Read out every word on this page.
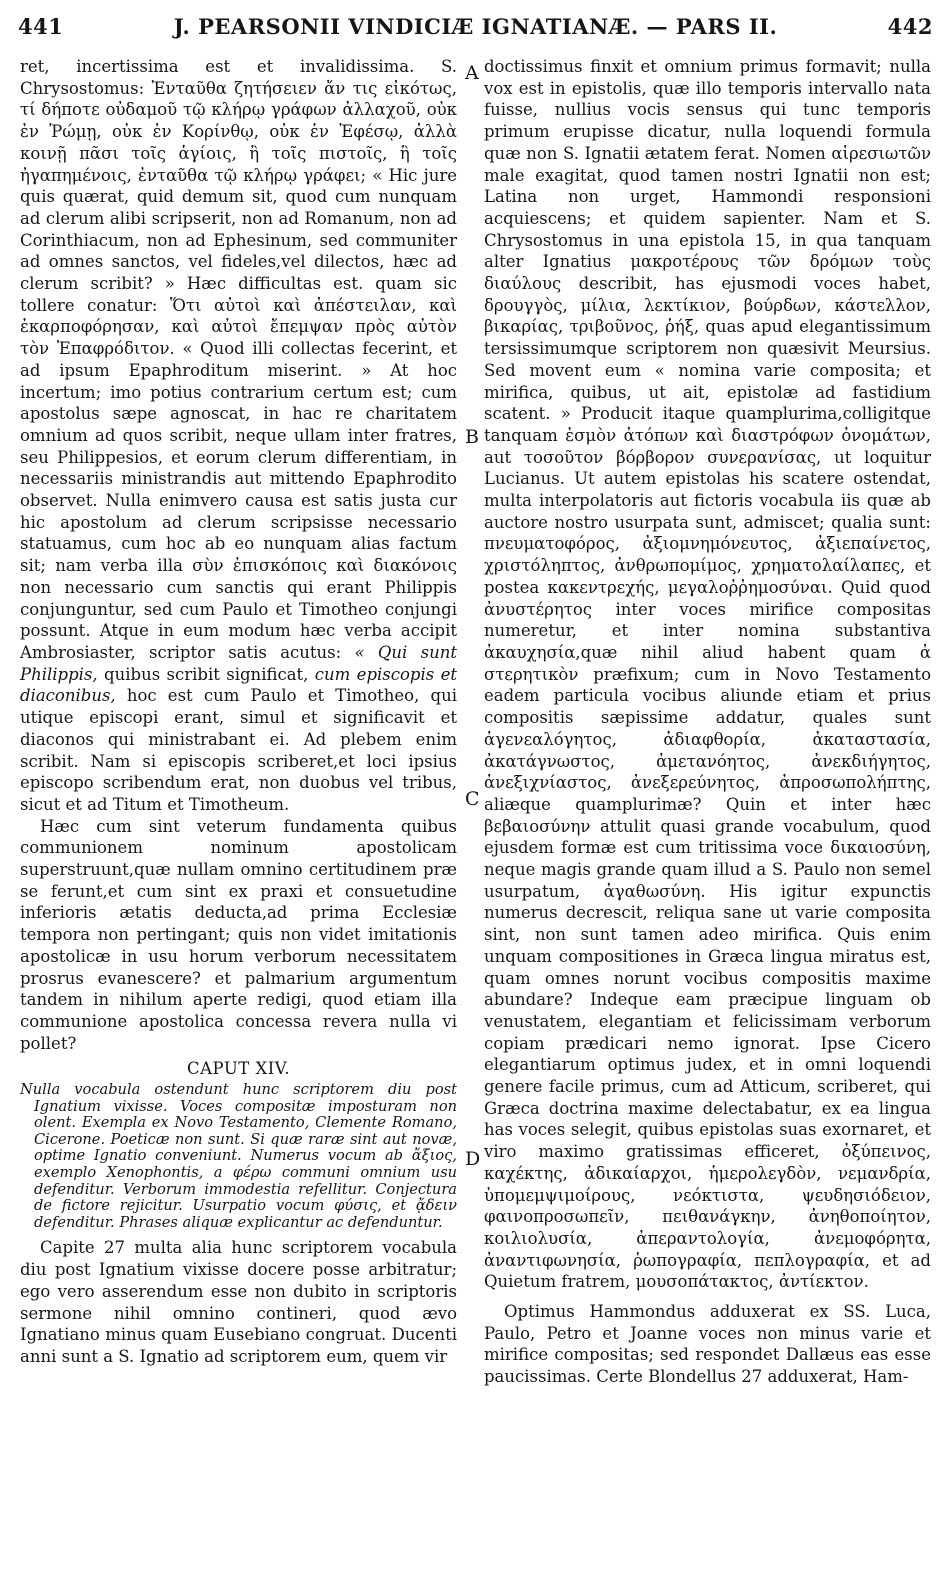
441	J. PEARSONII VINDICIÆ IGNATIANÆ. — PARS II.	442

ret, incertissima est et invalidissima. S. Chrysostomus: Ἐνταῦθα ζητήσειεν ἄν τις εἰκότως, τί δήποτε οὐδαμοῦ τῷ κλήρῳ γράφων ἀλλαχοῦ, οὐκ ἐν Ῥώμῃ, οὐκ ἐν Κορίνθῳ, οὐκ ἐν Ἐφέσῳ, ἀλλὰ κοινῇ πᾶσι τοῖς ἁγίοις, ἢ τοῖς πιστοῖς, ἢ τοῖς ἠγαπημένοις, ἐνταῦθα τῷ κλήρῳ γράφει; « Hic jure quis quærat, quid demum sit, quod cum nunquam ad clerum alibi scripserit, non ad Romanum, non ad Corinthiacum, non ad Ephesinum, sed communiter ad omnes sanctos, vel fideles,vel dilectos, hæc ad clerum scribit? » Hæc difficultas est. quam sic tollere conatur: Ὅτι αὐτοὶ καὶ ἀπέστειλαν, καὶ ἐκαρποφόρησαν, καὶ αὐτοὶ ἔπεμψαν πρὸς αὐτὸν τὸν Ἐπαφρόδιτον. « Quod illi collectas fecerint, et ad ipsum Epaphroditum miserint. » At hoc incertum; imo potius contrarium certum est; cum apostolus sæpe agnoscat, in hac re charitatem omnium ad quos scribit, neque ullam inter fratres, seu Philippesios, et eorum clerum differentiam, in necessariis ministrandis aut mittendo Epaphrodito observet. Nulla enimvero causa est satis justa cur hic apostolum ad clerum scripsisse necessario statuamus, cum hoc ab eo nunquam alias factum sit; nam verba illa σὺν ἐπισκόποις καὶ διακόνοις non necessario cum sanctis qui erant Philippis conjunguntur, sed cum Paulo et Timotheo conjungi possunt. Atque in eum modum hæc verba accipit Ambrosiaster, scriptor satis acutus: « Qui sunt Philippis, quibus scribit significat, cum episcopis et diaconibus, hoc est cum Paulo et Timotheo, qui utique episcopi erant, simul et significavit et diaconos qui ministrabant ei. Ad plebem enim scribit. Nam si episcopis scriberet,et loci ipsius episcopo scribendum erat, non duobus vel tribus, sicut et ad Titum et Timotheum.

Hæc cum sint veterum fundamenta quibus communionem nominum apostolicam superstruunt,quæ nullam omnino certitudinem præ se ferunt,et cum sint ex praxi et consuetudine inferioris ætatis deducta,ad prima Ecclesiæ tempora non pertingant; quis non videt imitationis apostolicæ in usu horum verborum necessitatem prosrus evanescere? et palmarium argumentum tandem in nihilum aperte redigi, quod etiam illa communione apostolica concessa revera nulla vi pollet?

CAPUT XIV.

Nulla vocabula ostendunt hunc scriptorem diu post Ignatium vixisse. Voces compositæ imposturam non olent. Exempla ex Novo Testamento, Clemente Romano, Cicerone. Poeticæ non sunt. Si quæ raræ sint aut novæ, optime Ignatio conveniunt. Numerus vocum ab ἄξιος, exemplo Xenophontis, a φέρω communi omnium usu defenditur. Verborum immodestia refellitur. Conjectura de fictore rejicitur. Usurpatio vocum φύσις, et ᾄδειν defenditur. Phrases aliquæ explicantur ac defenduntur.

Capite 27 multa alia hunc scriptorem vocabula diu post Ignatium vixisse docere posse arbitratur; ego vero asserendum esse non dubito in scriptoris sermone nihil omnino contineri, quod ævo Ignatiano minus quam Eusebiano congruat. Ducenti anni sunt a S. Ignatio ad scriptorem eum, quem vir

doctissimus finxit et omnium primus formavit; nulla vox est in epistolis, quæ illo temporis intervallo nata fuisse, nullius vocis sensus qui tunc temporis primum erupisse dicatur, nulla loquendi formula quæ non S. Ignatii ætatem ferat. Nomen αἱρεσιωτῶν male exagitat, quod tamen nostri Ignatii non est; Latina non urget, Hammondi responsioni acquiescens; et quidem sapienter. Nam et S. Chrysostomus in una epistola 15, in qua tanquam alter Ignatius μακροτέρους τῶν δρόμων τοὺς διαύλους describit, has ejusmodi voces habet, δρουγγὸς, μίλια, λεκτίκιον, βούρδων, κάστελλον, βικαρίας, τριβοῦνος, ῥήξ, quas apud elegantissimum tersissimumque scriptorem non quæsivit Meursius. Sed movent eum « nomina varie composita; et mirifica, quibus, ut ait, epistolæ ad fastidium scatent. » Producit itaque quamplurima,colligitque tanquam ἑσμὸν ἀτόπων καὶ διαστρόφων ὀνομάτων, aut τοσοῦτον βόρβορον συνερανίσας, ut loquitur Lucianus. Ut autem epistolas his scatere ostendat, multa interpolatoris aut fictoris vocabula iis quæ ab auctore nostro usurpata sunt, admiscet; qualia sunt: πνευματοφόρος, ἀξιομνημόνευτος, ἀξιεπαίνετος, χριστόληπτος, ἀνθρωπομίμος, χρηματολαίλαπες, et postea κακεντρεχής, μεγαλοῤῥημοσύναι. Quid quod ἀνυστέρητος inter voces mirifice compositas numeretur, et inter nomina substantiva ἀκαυχησία,quæ nihil aliud habent quam ἀ στερητικὸν præfixum; cum in Novo Testamento eadem particula vocibus aliunde etiam et prius compositis sæpissime addatur, quales sunt ἀγενεαλόγητος, ἀδιαφθορία, ἀκαταστασία, ἀκατάγνωστος, ἀμετανόητος, ἀνεκδιήγητος, ἀνεξιχνίαστος, ἀνεξερεύνητος, ἀπροσωπολήπτης, aliæque quamplurimæ? Quin et inter hæc βεβαιοσύνην attulit quasi grande vocabulum, quod ejusdem formæ est cum tritissima voce δικαιοσύνη, neque magis grande quam illud a S. Paulo non semel usurpatum, ἀγαθωσύνη. His igitur expunctis numerus decrescit, reliqua sane ut varie composita sint, non sunt tamen adeo mirifica. Quis enim unquam compositiones in Græca lingua miratus est, quam omnes norunt vocibus compositis maxime abundare? Indeque eam præcipue linguam ob venustatem, elegantiam et felicissimam verborum copiam prædicari nemo ignorat. Ipse Cicero elegantiarum optimus judex, et in omni loquendi genere facile primus, cum ad Atticum, scriberet, qui Græca doctrina maxime delectabatur, ex ea lingua has voces selegit, quibus epistolas suas exornaret, et viro maximo gratissimas efficeret, ὀξύπεινος, καχέκτης, ἀδικαίαρχοι, ἡμερολεγδὸν, νεμανδρία, ὑπομεμψιμοίρους, νεόκτιστα, ψευδησιόδειον, φαινοπροσωπεῖν, πειθανάγκην, ἀνηθοποίητον, κοιλιολυσία, ἀπεραντολογία, ἀνεμοφόρητα, ἀναντιφωνησία, ῥωπογραφία, πεπλογραφία, et ad Quietum fratrem, μουσοπάτακτος, ἀντίεκτον.

Optimus Hammondus adduxerat ex SS. Luca, Paulo, Petro et Joanne voces non minus varie et mirifice compositas; sed respondet Dallæus eas esse paucissimas. Certe Blondellus 27 adduxerat, Ham-

A
B
C
D
